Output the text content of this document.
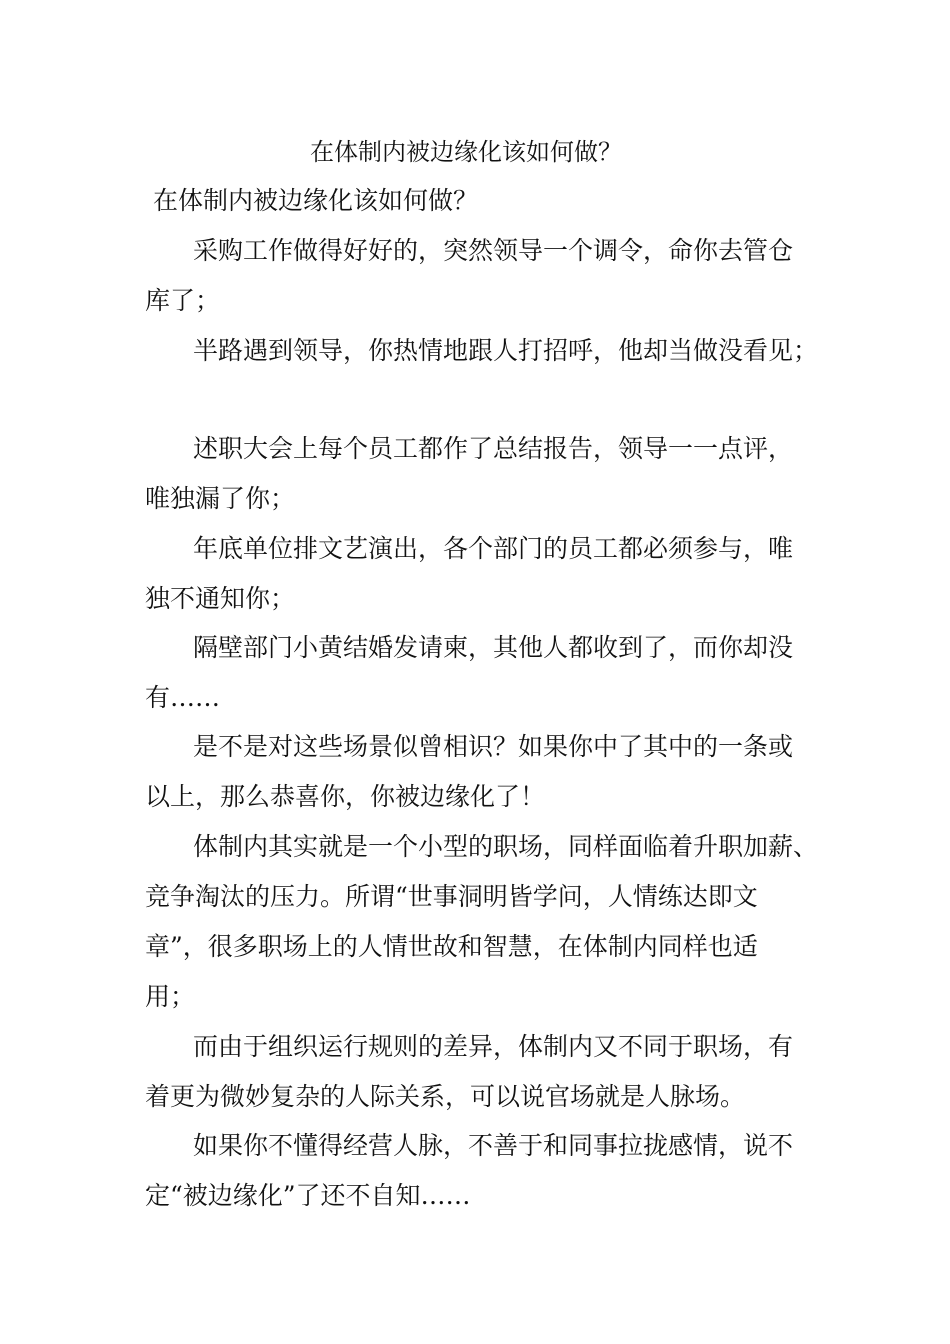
在体制内被边缘化该如何做？
在体制内被边缘化该如何做？
采购工作做得好好的，突然领导一个调令，命你去管仓
库了；
半路遇到领导，你热情地跟人打招呼，他却当做没看见；
述职大会上每个员工都作了总结报告，领导一一点评，
唯独漏了你；
年底单位排文艺演出，各个部门的员工都必须参与，唯
独不通知你；
隔壁部门小黄结婚发请柬，其他人都收到了，而你却没
有……
是不是对这些场景似曾相识？如果你中了其中的一条或
以上，那么恭喜你，你被边缘化了！
体制内其实就是一个小型的职场，同样面临着升职加薪、
竞争淘汰的压力。所谓“世事洞明皆学问，人情练达即文
章”，很多职场上的人情世故和智慧，在体制内同样也适
用；
而由于组织运行规则的差异，体制内又不同于职场，有
着更为微妙复杂的人际关系，可以说官场就是人脉场。
如果你不懂得经营人脉，不善于和同事拉拢感情，说不
定“被边缘化”了还不自知……
